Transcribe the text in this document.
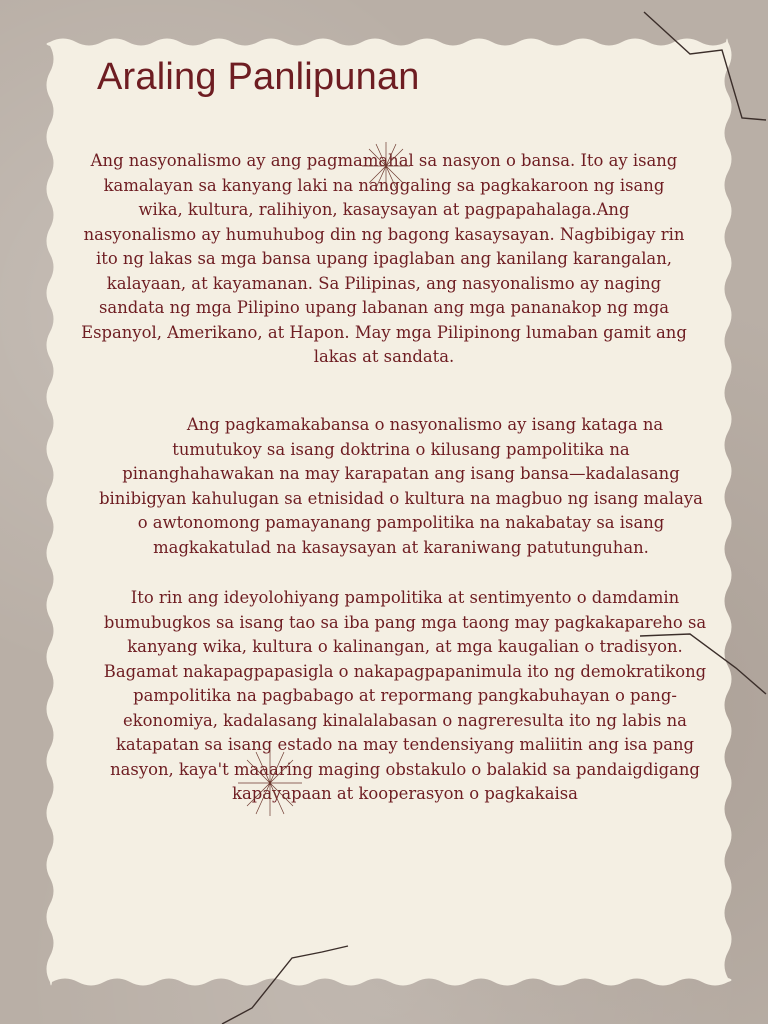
Araling Panlipunan

Ang nasyonalismo ay ang pagmamahal sa nasyon o bansa. Ito ay isang kamalayan sa kanyang laki na nanggaling sa pagkakaroon ng isang wika, kultura, ralihiyon, kasaysayan at pagpapahalaga.Ang nasyonalismo ay humuhubog din ng bagong kasaysayan. Nagbibigay rin ito ng lakas sa mga bansa upang ipaglaban ang kanilang karangalan, kalayaan, at kayamanan. Sa Pilipinas, ang nasyonalismo ay naging sandata ng mga Pilipino upang labanan ang mga pananakop ng mga Espanyol, Amerikano, at Hapon. May mga Pilipinong lumaban gamit ang lakas at sandata.

Ang pagkamakabansa o nasyonalismo ay isang kataga na tumutukoy sa isang doktrina o kilusang pampolitika na pinanghahawakan na may karapatan ang isang bansa—kadalasang binibigyan kahulugan sa etnisidad o kultura na magbuo ng isang malaya o awtonomong pamayanang pampolitika na nakabatay sa isang magkakatulad na kasaysayan at karaniwang patutunguhan.

Ito rin ang ideyolohiyang pampolitika at sentimyento o damdamin bumubugkos sa isang tao sa iba pang mga taong may pagkakapareho sa kanyang wika, kultura o kalinangan, at mga kaugalian o tradisyon. Bagamat nakapagpapasigla o nakapagpapanimula ito ng demokratikong pampolitika na pagbabago at repormang pangkabuhayan o pang-ekonomiya, kadalasang kinalalabasan o nagreresulta ito ng labis na katapatan sa isang estado na may tendensiyang maliitin ang isa pang nasyon, kaya't maaaring maging obstakulo o balakid sa pandaigdigang kapayapaan at kooperasyon o pagkakaisa
